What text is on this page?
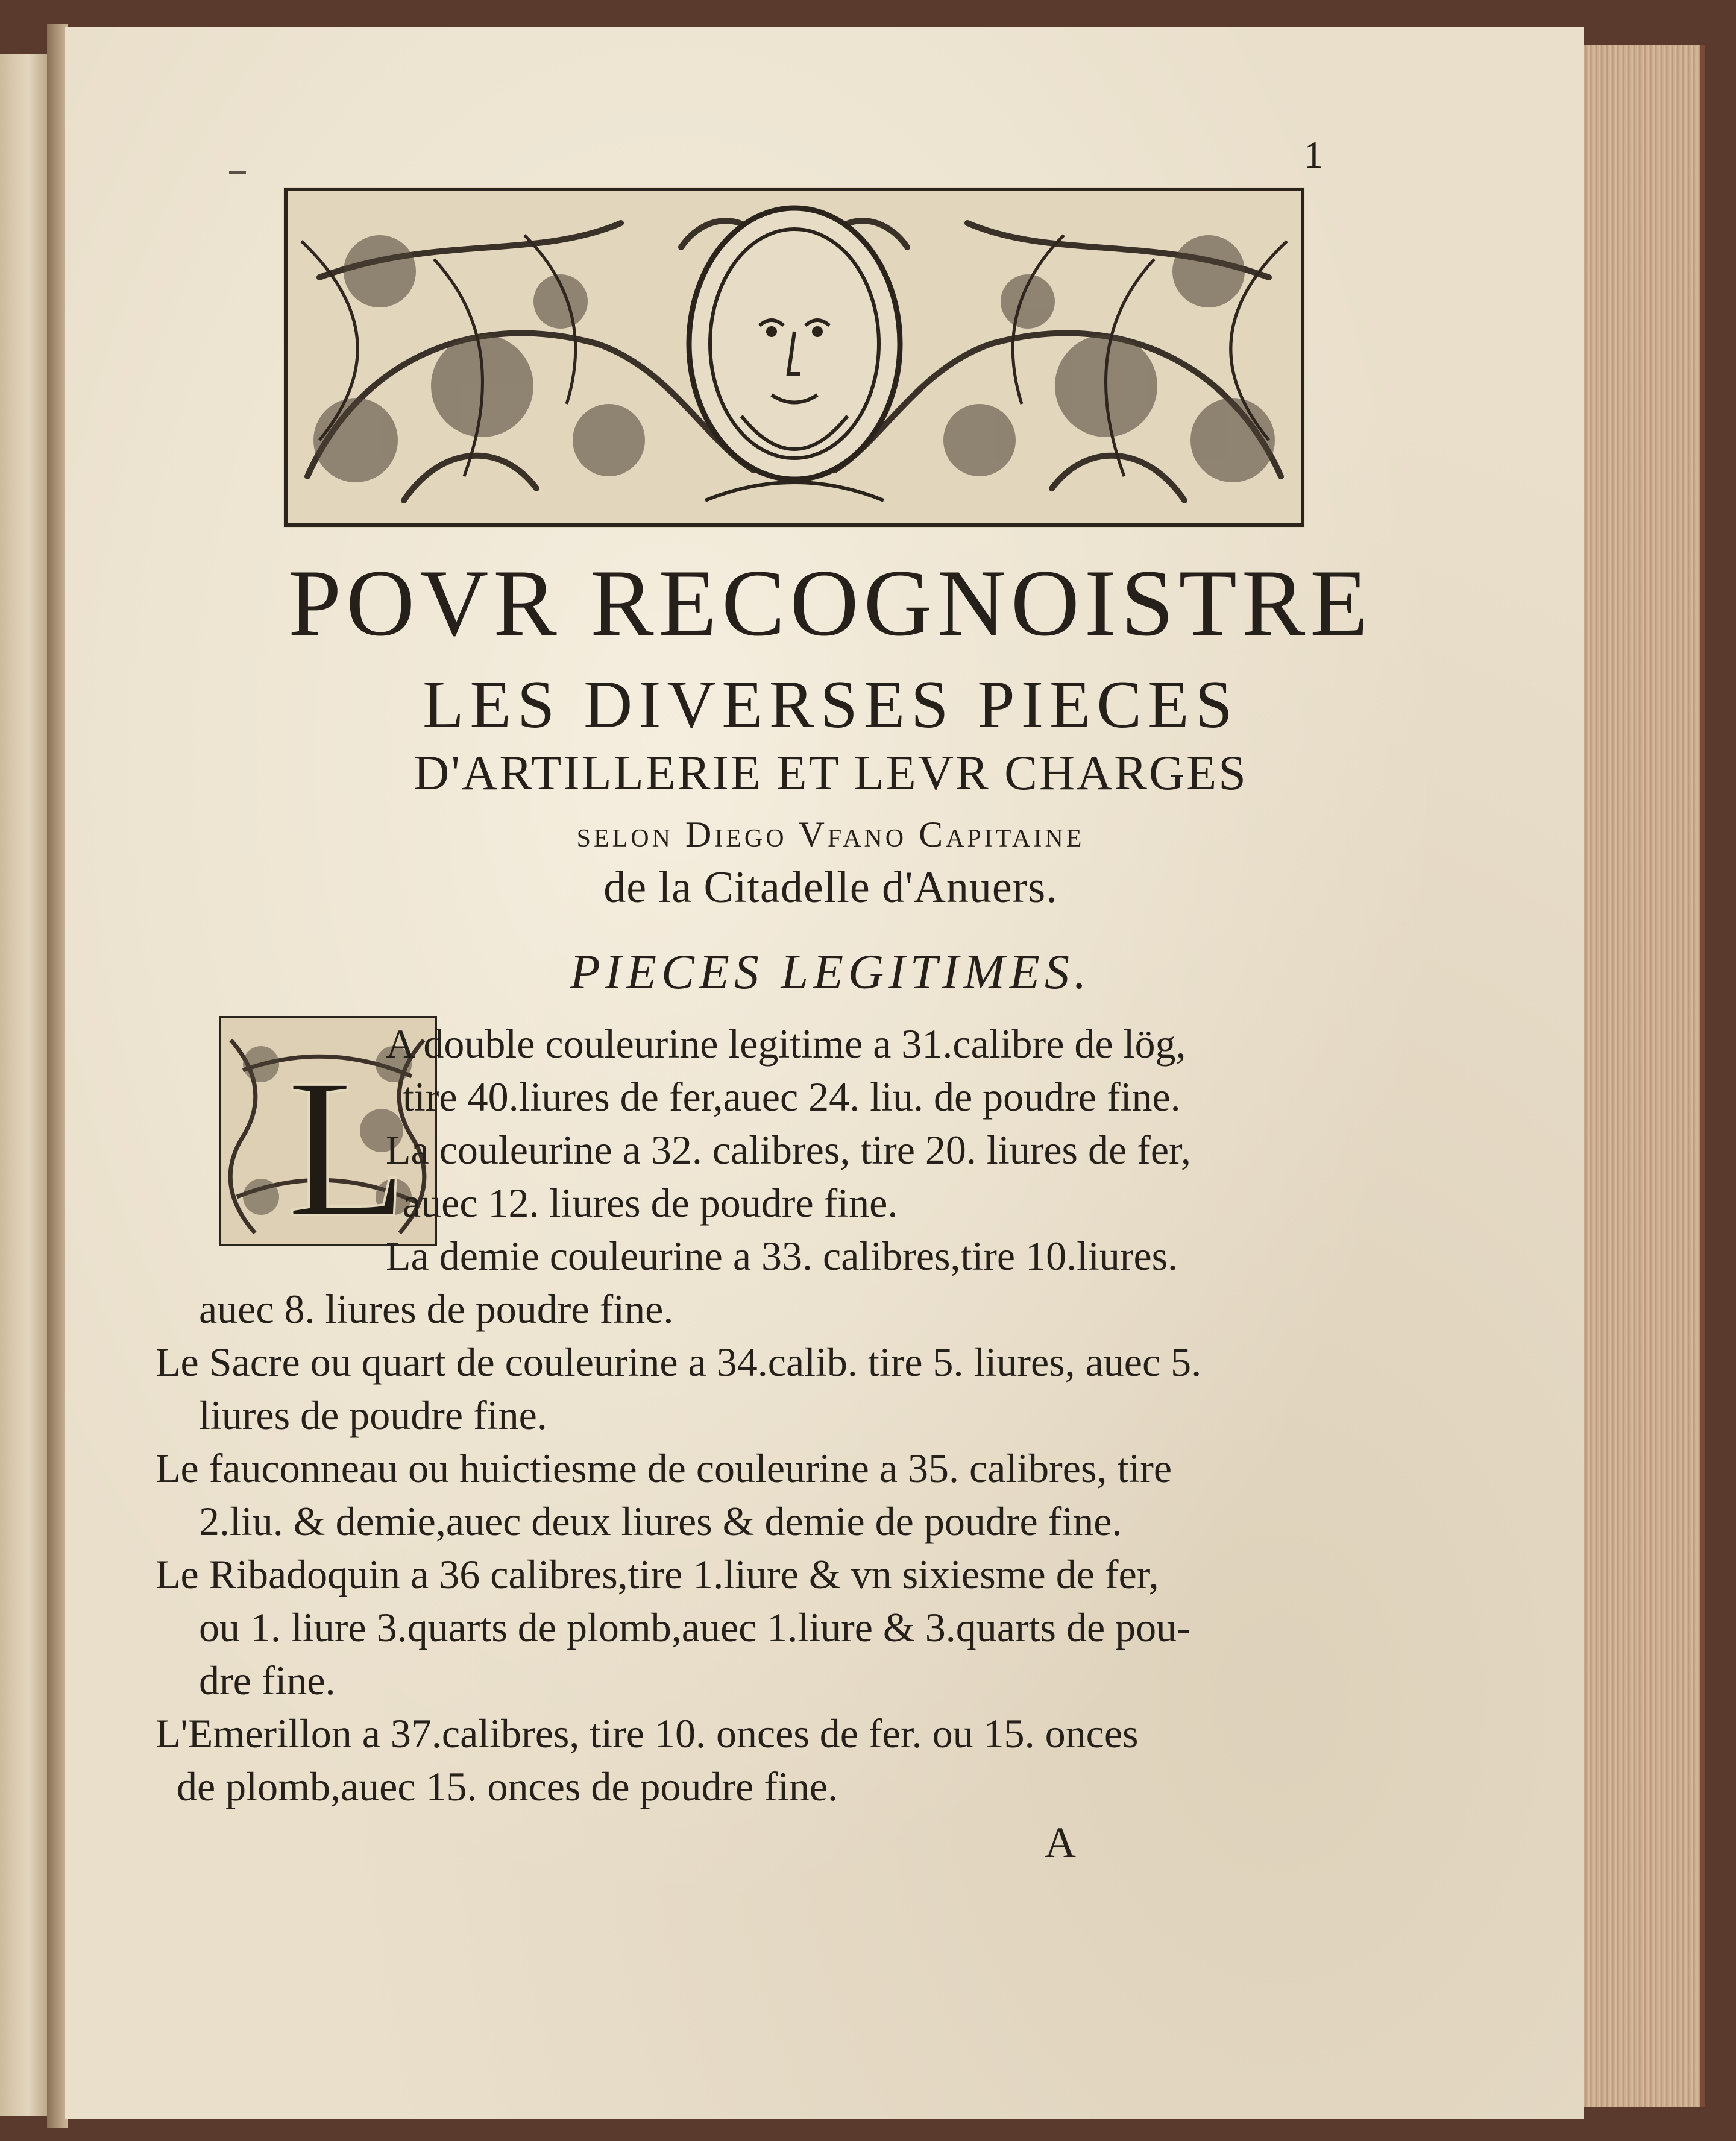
1
POVR RECOGNOISTRE
LES DIVERSES PIECES
D'ARTILLERIE ET LEVR CHARGES
selon Diego Vfano Capitaine
de la Citadelle d'Anuers.
PIECES LEGITIMES.
L
A double couleurine legitime a 31.calibre de lög,
tire 40.liures de fer,auec 24. liu. de poudre fine.
La couleurine a 32. calibres, tire 20. liures de fer,
auec 12. liures de poudre fine.
La demie couleurine a 33. calibres,tire 10.liures.
auec 8. liures de poudre fine.
Le Sacre ou quart de couleurine a 34.calib. tire 5. liures, auec 5.
liures de poudre fine.
Le fauconneau ou huictiesme de couleurine a 35. calibres, tire
2.liu. & demie,auec deux liures & demie de poudre fine.
Le Ribadoquin a 36 calibres,tire 1.liure & vn sixiesme de fer,
ou 1. liure 3.quarts de plomb,auec 1.liure & 3.quarts de pou-
dre fine.
L'Emerillon a 37.calibres, tire 10. onces de fer. ou 15. onces
de plomb,auec 15. onces de poudre fine.
A
